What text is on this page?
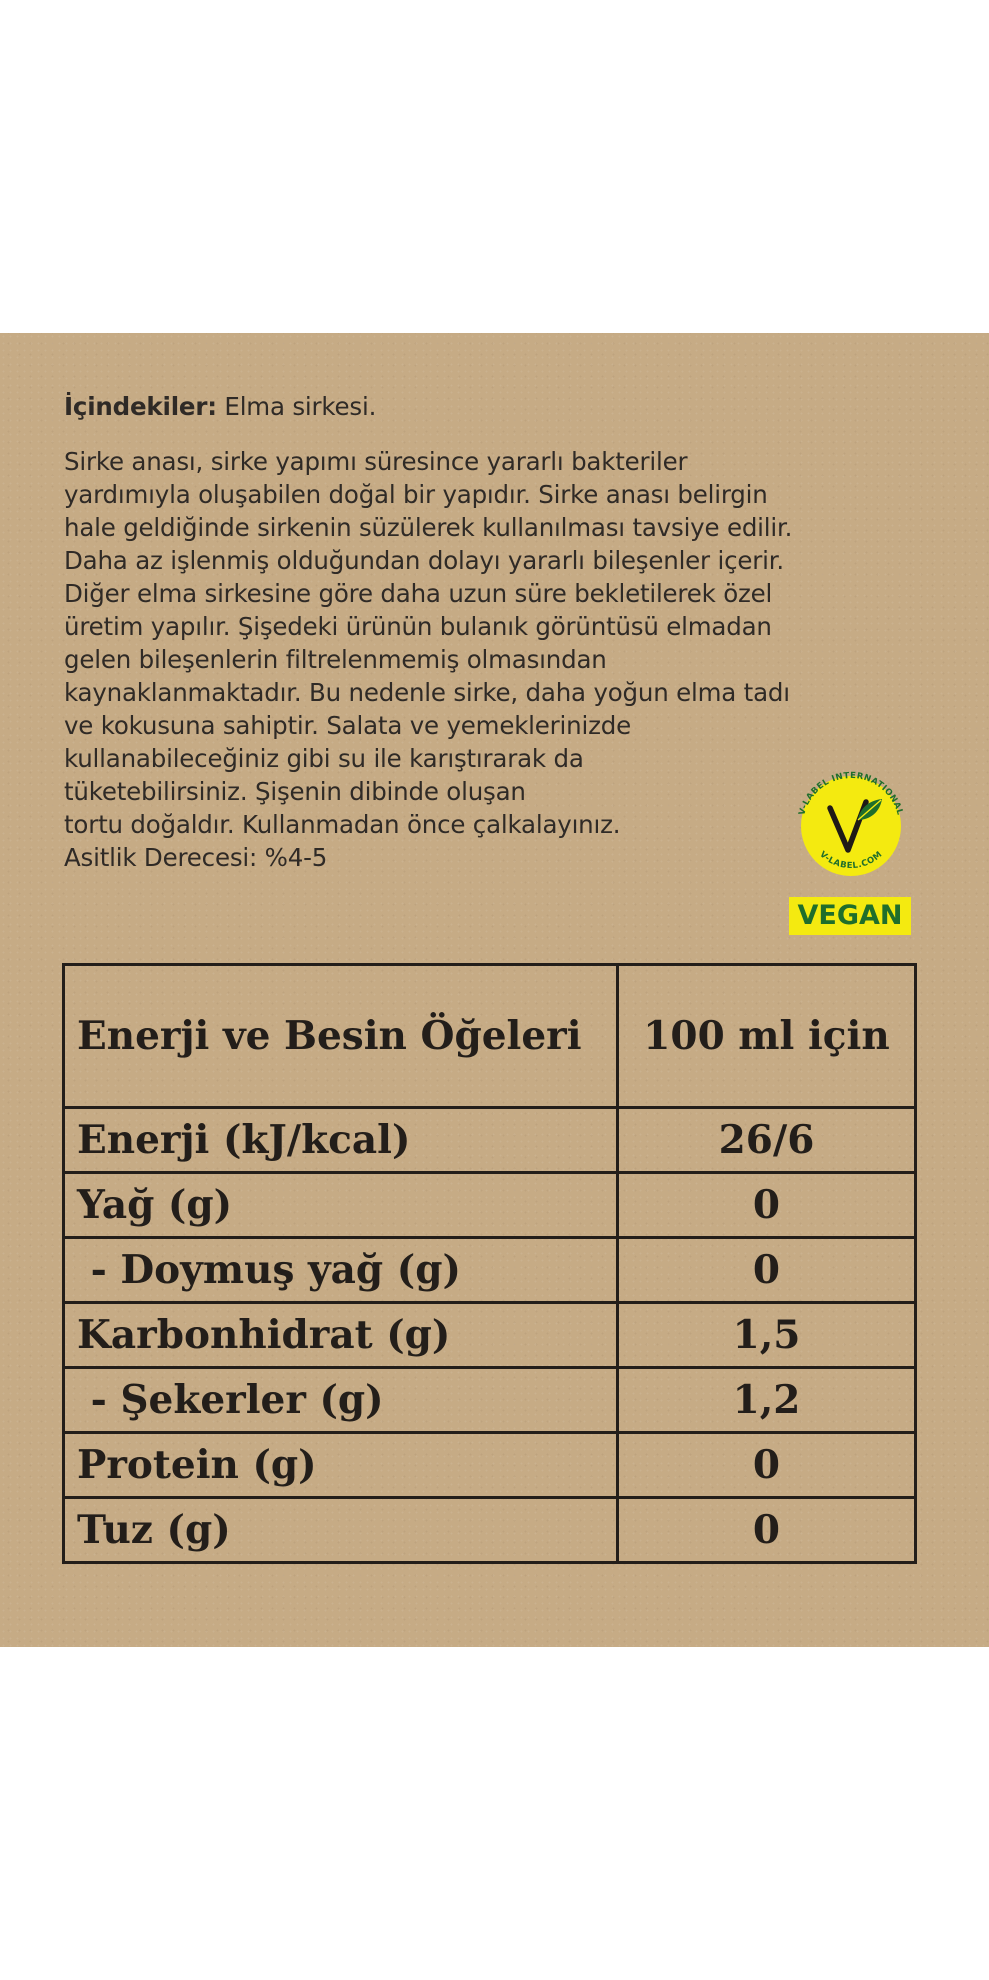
İçindekiler: Elma sirkesi.

Sirke anası, sirke yapımı süresince yararlı bakteriler
yardımıyla oluşabilen doğal bir yapıdır. Sirke anası belirgin
hale geldiğinde sirkenin süzülerek kullanılması tavsiye edilir.
Daha az işlenmiş olduğundan dolayı yararlı bileşenler içerir.
Diğer elma sirkesine göre daha uzun süre bekletilerek özel
üretim yapılır. Şişedeki ürünün bulanık görüntüsü elmadan
gelen bileşenlerin filtrelenmemiş olmasından
kaynaklanmaktadır. Bu nedenle sirke, daha yoğun elma tadı
ve kokusuna sahiptir. Salata ve yemeklerinizde
kullanabileceğiniz gibi su ile karıştırarak da
tüketebilirsiniz. Şişenin dibinde oluşan
tortu doğaldır. Kullanmadan önce çalkalayınız.

Asitlik Derecesi: %4-5

V-LABEL INTERNATIONAL
V-LABEL.COM
VEGAN
Enerji ve Besin Öğeleri	100 ml için
Enerji (kJ/kcal)	26/6
Yağ (g)	0
- Doymuş yağ (g)	0
Karbonhidrat (g)	1,5
- Şekerler (g)	1,2
Protein (g)	0
Tuz (g)	0
